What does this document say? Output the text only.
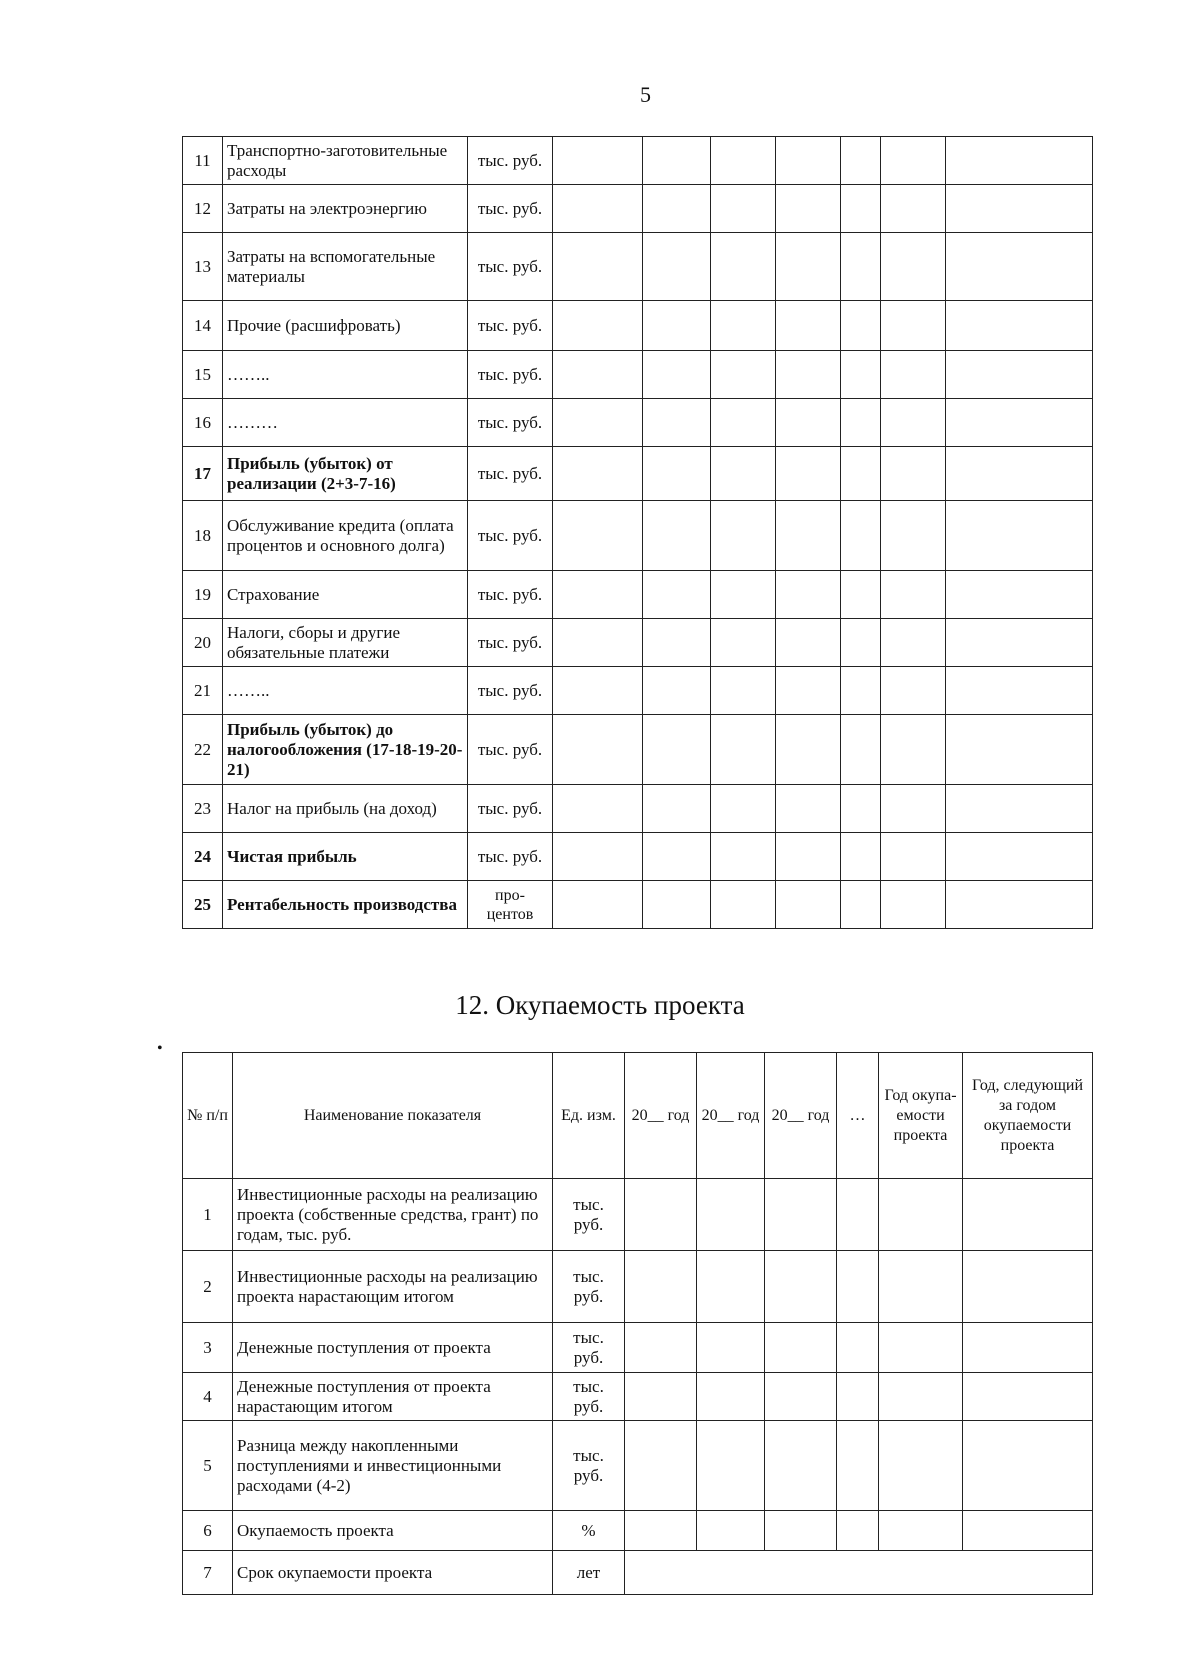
5
11	Транспортно-заготовительные расходы	тыс. руб.							
12	Затраты на электроэнергию	тыс. руб.							
13	Затраты на вспомогательные материалы	тыс. руб.							
14	Прочие (расшифровать)	тыс. руб.							
15	……..	тыс. руб.							
16	………	тыс. руб.							
17	Прибыль (убыток) от реализации (2+3-7-16)	тыс. руб.							
18	Обслуживание кредита (оплата процентов и основного долга)	тыс. руб.							
19	Страхование	тыс. руб.							
20	Налоги, сборы и другие обязательные платежи	тыс. руб.							
21	……..	тыс. руб.							
22	Прибыль (убыток) до налогообложения (17-18-19-20-21)	тыс. руб.							
23	Налог на прибыль (на доход)	тыс. руб.							
24	Чистая прибыль	тыс. руб.							
25	Рентабельность производства	про-центов							
12. Окупаемость проекта
•
№ п/п	Наименование показателя	Ед. изм.	20__ год	20__ год	20__ год	…	Год окупа-емости проекта	Год, следующий за годом окупаемости проекта
1	Инвестиционные расходы на реализацию проекта (собственные средства, грант) по годам, тыс. руб.	тыс. руб.						
2	Инвестиционные расходы на реализацию проекта нарастающим итогом	тыс. руб.						
3	Денежные поступления от проекта	тыс. руб.						
4	Денежные поступления от проекта нарастающим итогом	тыс. руб.						
5	Разница между накопленными поступлениями и инвестиционными расходами (4-2)	тыс. руб.						
6	Окупаемость проекта	%						
7	Срок окупаемости проекта	лет						
